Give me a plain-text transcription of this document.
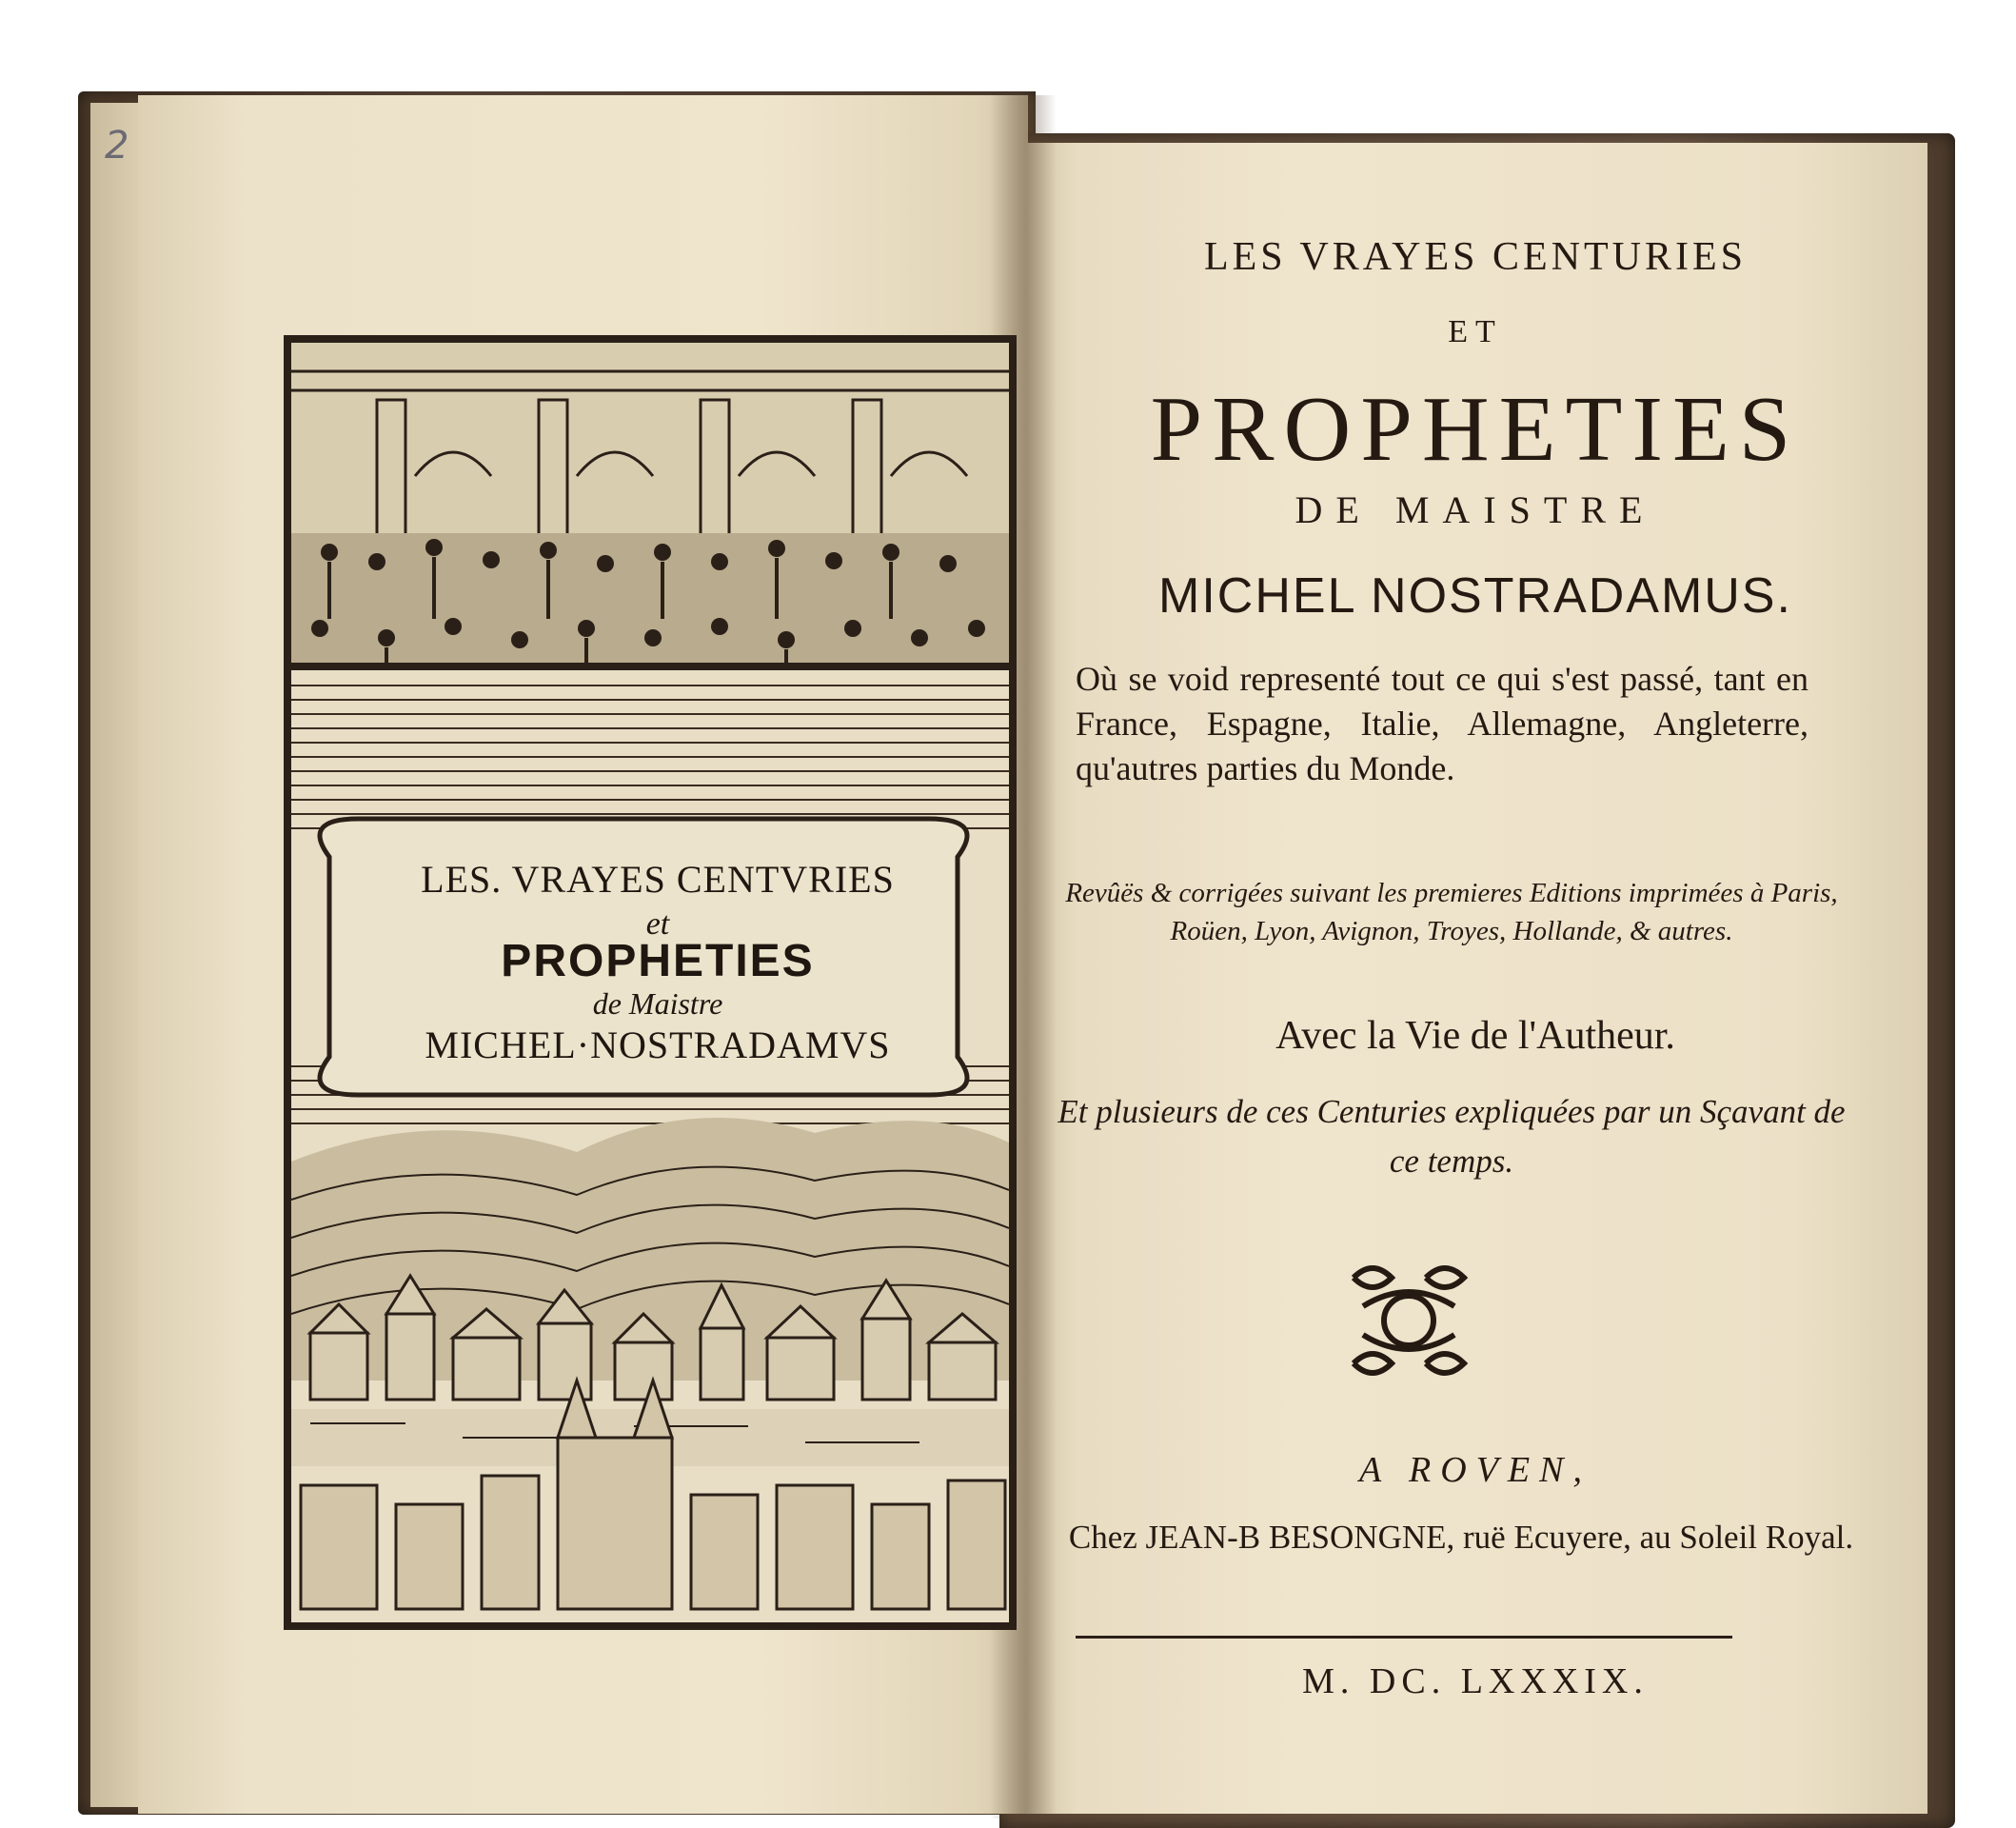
2
LES. VRAYES CENTVRIES
et
PROPHETIES
de Maistre
MICHEL·NOSTRADAMVS
LES VRAYES CENTURIES
ET
PROPHETIES
DE MAISTRE
MICHEL NOSTRADAMUS.
Où se void representé tout ce qui s'est passé, tant en France, Espagne, Italie, Allemagne, Angleterre, qu'autres parties du Monde.
Revûës & corrigées suivant les premieres Editions imprimées à Paris, Roüen, Lyon, Avignon, Troyes, Hollande, & autres.
Avec la Vie de l'Autheur.
Et plusieurs de ces Centuries expliquées par un Sçavant de ce temps.
A ROVEN,
Chez JEAN-B BESONGNE, ruë Ecuyere, au Soleil Royal.
M. DC. LXXXIX.
